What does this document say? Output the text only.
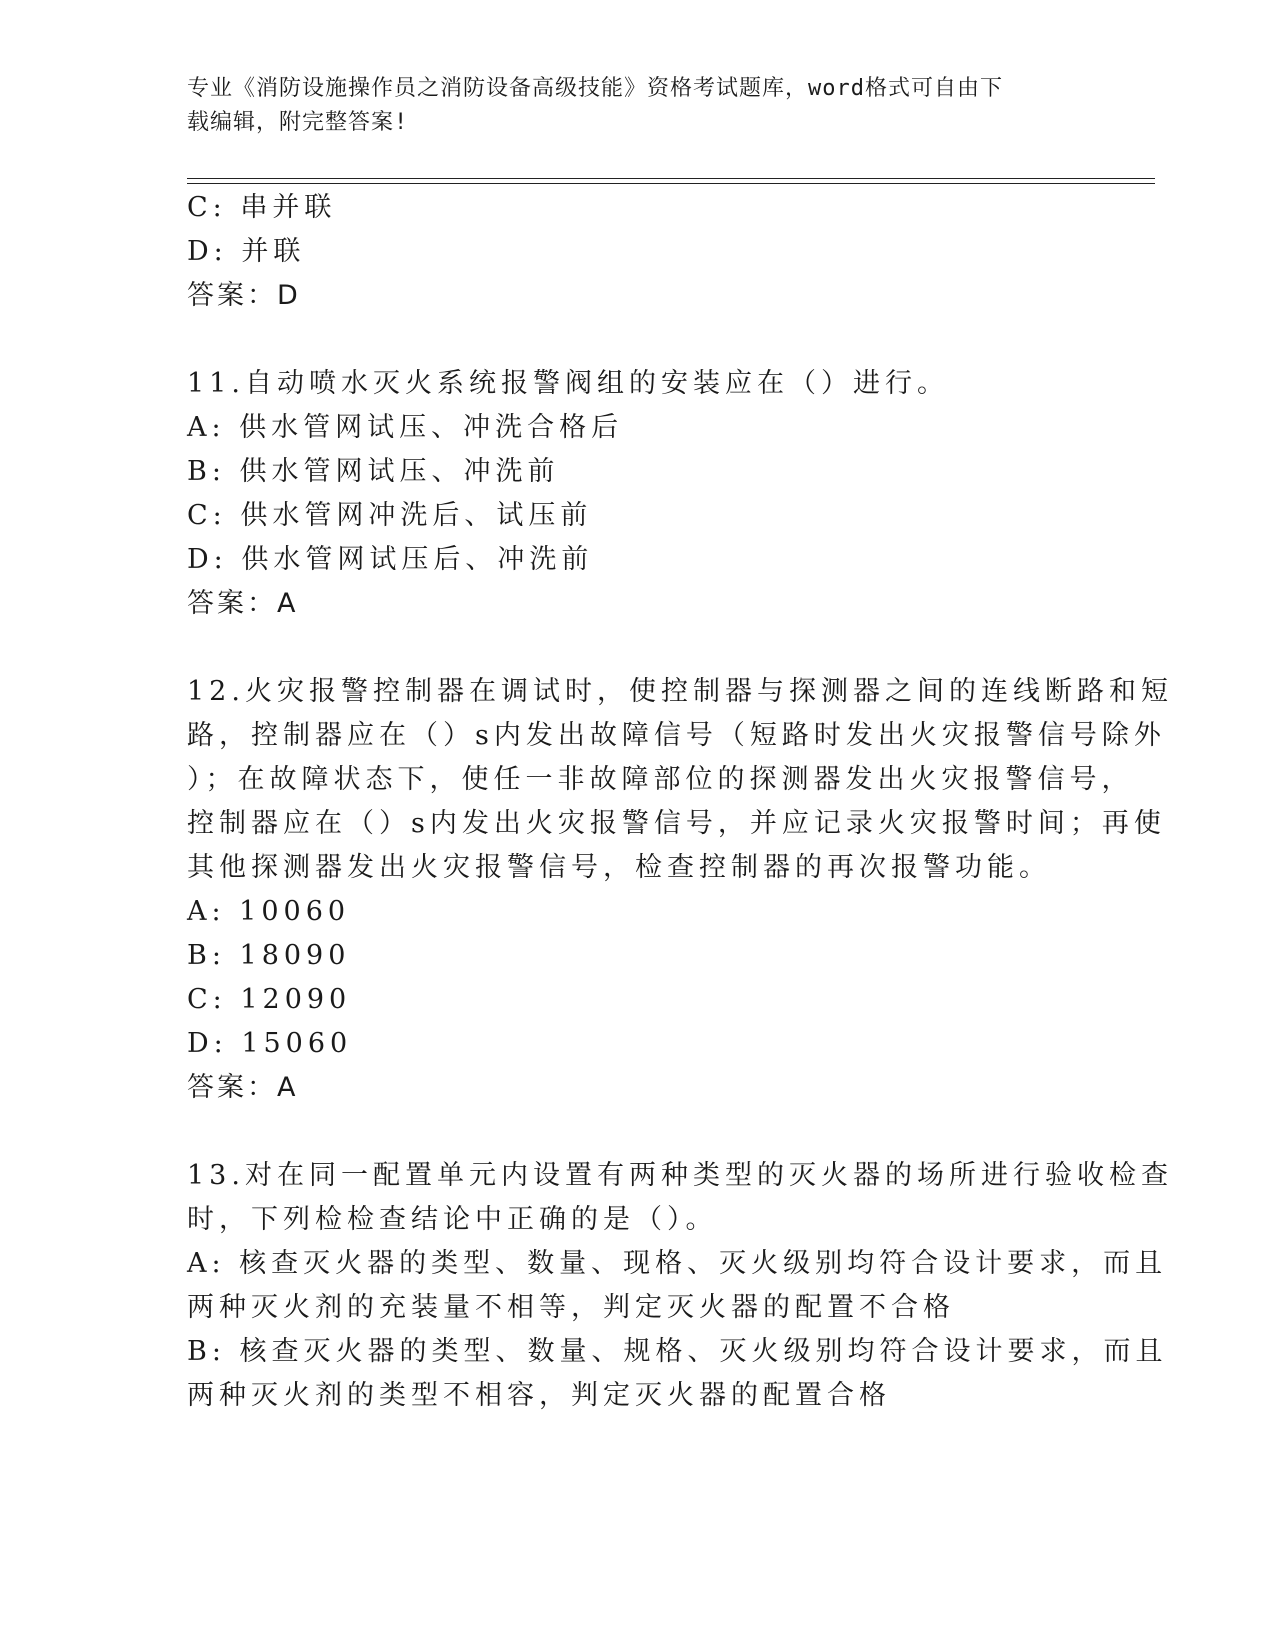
专业《消防设施操作员之消防设备高级技能》资格考试题库，word格式可自由下
载编辑，附完整答案!
C: 串并联
D: 并联
答案：D
11.自动喷水灭火系统报警阀组的安装应在（）进行。
A: 供水管网试压、冲洗合格后
B: 供水管网试压、冲洗前
C: 供水管网冲洗后、试压前
D: 供水管网试压后、冲洗前
答案：A
12.火灾报警控制器在调试时，使控制器与探测器之间的连线断路和短
路，控制器应在（）s内发出故障信号（短路时发出火灾报警信号除外
）；在故障状态下，使任一非故障部位的探测器发出火灾报警信号，
控制器应在（）s内发出火灾报警信号，并应记录火灾报警时间；再使
其他探测器发出火灾报警信号，检查控制器的再次报警功能。
A: 10060
B: 18090
C: 12090
D: 15060
答案：A
13.对在同一配置单元内设置有两种类型的灭火器的场所进行验收检查
时，下列检检查结论中正确的是（）。
A: 核查灭火器的类型、数量、现格、灭火级别均符合设计要求，而且
两种灭火剂的充装量不相等，判定灭火器的配置不合格
B: 核查灭火器的类型、数量、规格、灭火级别均符合设计要求，而且
两种灭火剂的类型不相容，判定灭火器的配置合格
